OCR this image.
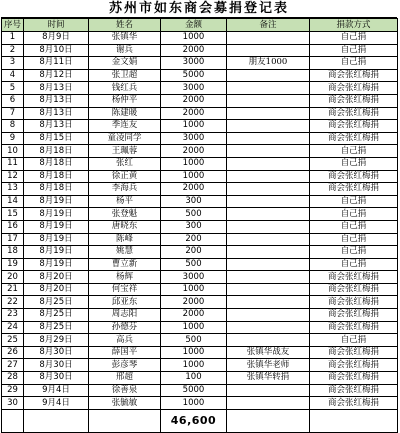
苏州市如东商会募捐登记表
序号	时间	姓名	金额	备注	捐款方式
1	8月9日	张镇华	1000		自己捐
2	8月10日	谢兵	2000		自己捐
3	8月11日	金文娟	3000	朋友1000	自己捐
4	8月12日	张卫超	5000		商会张红梅捐
5	8月13日	钱红兵	3000		商会张红梅捐
6	8月13日	杨仲平	2000		商会张红梅捐
7	8月13日	陈建暖	2000		商会张红梅捐
8	8月13日	季连友	1000		商会张红梅捐
9	8月15日	童凌同学	3000		商会张红梅捐
10	8月18日	王珮蓉	2000		自己捐
11	8月18日	张红	1000		自己捐
12	8月18日	徐正黄	1000		商会张红梅捐
13	8月18日	李海兵	2000		商会张红梅捐
14	8月19日	杨平	300		自己捐
15	8月19日	张登魁	500		自己捐
16	8月19日	唐晓东	300		自己捐
17	8月19日	陈峰	200		自己捐
18	8月19日	姚慧	200		自己捐
19	8月19日	曹立新	500		自己捐
20	8月20日	杨辉	3000		商会张红梅捐
21	8月20日	何宝祥	1000		商会张红梅捐
22	8月25日	邱亚东	2000		商会张红梅捐
23	8月25日	周志阳	2000		商会张红梅捐
24	8月25日	孙德芬	1000		商会张红梅捐
25	8月29日	高兵	500		自己捐
26	8月30日	薛国平	1000	张镇华战友	商会张红梅捐
27	8月30日	彭彦琴	1000	张镇华老师	商会张红梅捐
28	8月30日	邢超	100	张镇华转捐	商会张红梅捐
29	9月4日	徐善泉	5000		商会张红梅捐
30	9月4日	张毓敏	1000		商会张红梅捐
			46,600		
